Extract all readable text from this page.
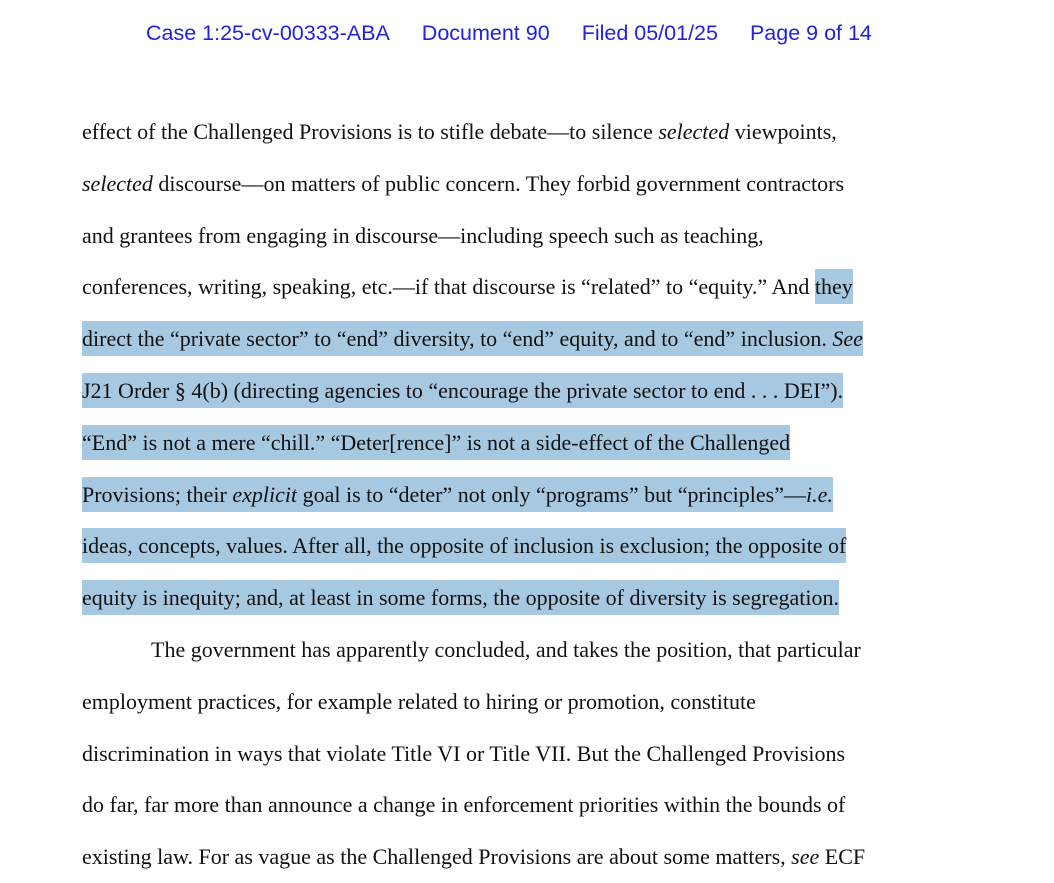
Case 1:25-cv-00333-ABA Document 90 Filed 05/01/25 Page 9 of 14
effect of the Challenged Provisions is to stifle debate—to silence selected viewpoints,
selected discourse—on matters of public concern. They forbid government contractors
and grantees from engaging in discourse—including speech such as teaching,
conferences, writing, speaking, etc.—if that discourse is “related” to “equity.” And they
direct the “private sector” to “end” diversity, to “end” equity, and to “end” inclusion. See
J21 Order § 4(b) (directing agencies to “encourage the private sector to end . . . DEI”).
“End” is not a mere “chill.” “Deter[rence]” is not a side-effect of the Challenged
Provisions; their explicit goal is to “deter” not only “programs” but “principles”—i.e.
ideas, concepts, values. After all, the opposite of inclusion is exclusion; the opposite of
equity is inequity; and, at least in some forms, the opposite of diversity is segregation.
The government has apparently concluded, and takes the position, that particular
employment practices, for example related to hiring or promotion, constitute
discrimination in ways that violate Title VI or Title VII. But the Challenged Provisions
do far, far more than announce a change in enforcement priorities within the bounds of
existing law. For as vague as the Challenged Provisions are about some matters, see ECF
